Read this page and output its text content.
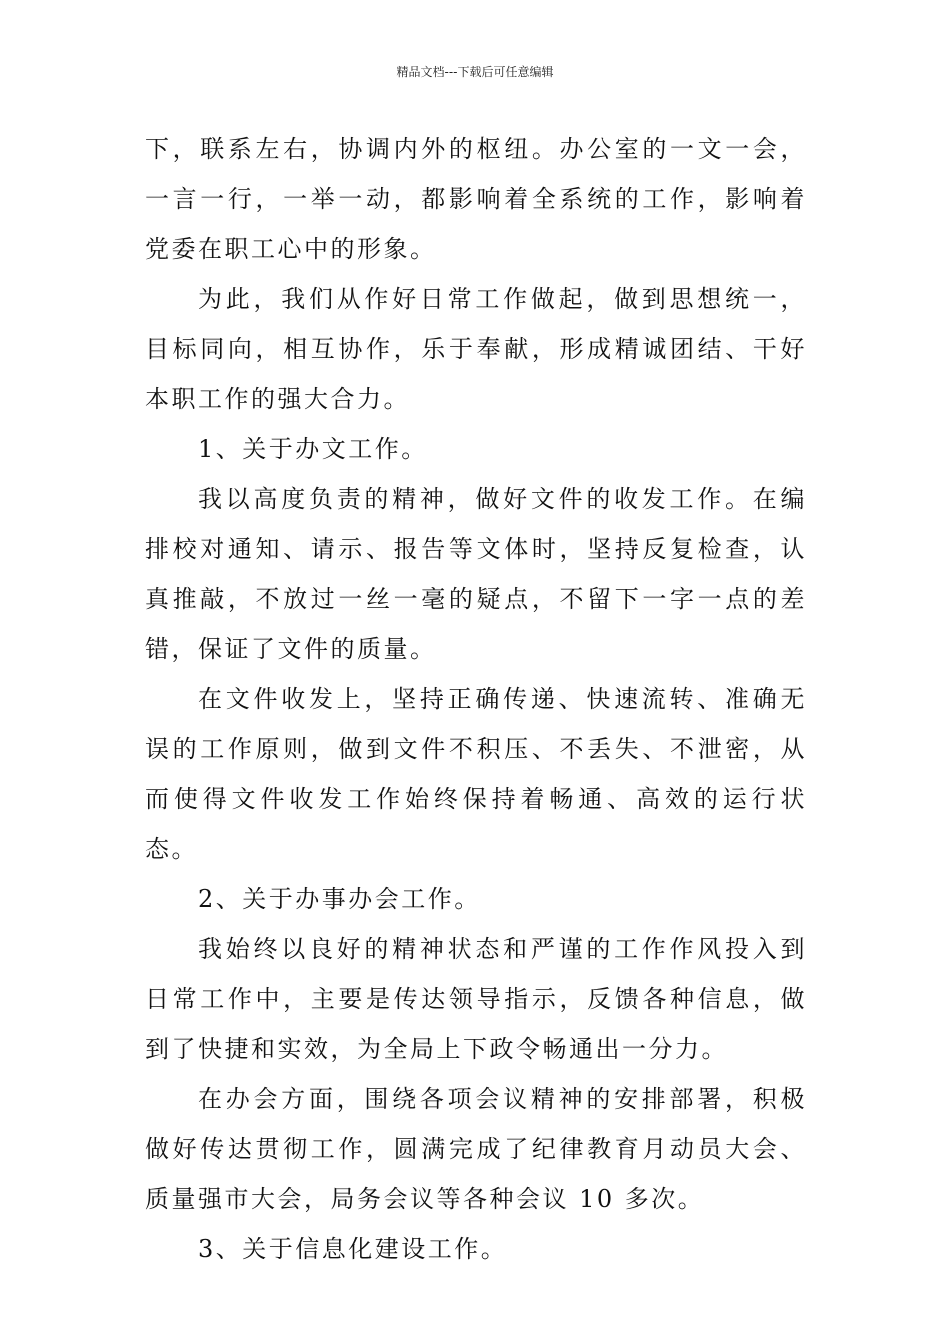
精品文档---下载后可任意编辑

下，联系左右，协调内外的枢纽。办公室的一文一会，一言一行，一举一动，都影响着全系统的工作，影响着党委在职工心中的形象。

为此，我们从作好日常工作做起，做到思想统一，目标同向，相互协作，乐于奉献，形成精诚团结、干好本职工作的强大合力。

1、关于办文工作。

我以高度负责的精神，做好文件的收发工作。在编排校对通知、请示、报告等文体时，坚持反复检查，认真推敲，不放过一丝一毫的疑点，不留下一字一点的差错，保证了文件的质量。

在文件收发上，坚持正确传递、快速流转、准确无误的工作原则，做到文件不积压、不丢失、不泄密，从而使得文件收发工作始终保持着畅通、高效的运行状态。

2、关于办事办会工作。

我始终以良好的精神状态和严谨的工作作风投入到日常工作中，主要是传达领导指示，反馈各种信息，做到了快捷和实效，为全局上下政令畅通出一分力。

在办会方面，围绕各项会议精神的安排部署，积极做好传达贯彻工作，圆满完成了纪律教育月动员大会、质量强市大会，局务会议等各种会议 10 多次。

3、关于信息化建设工作。
